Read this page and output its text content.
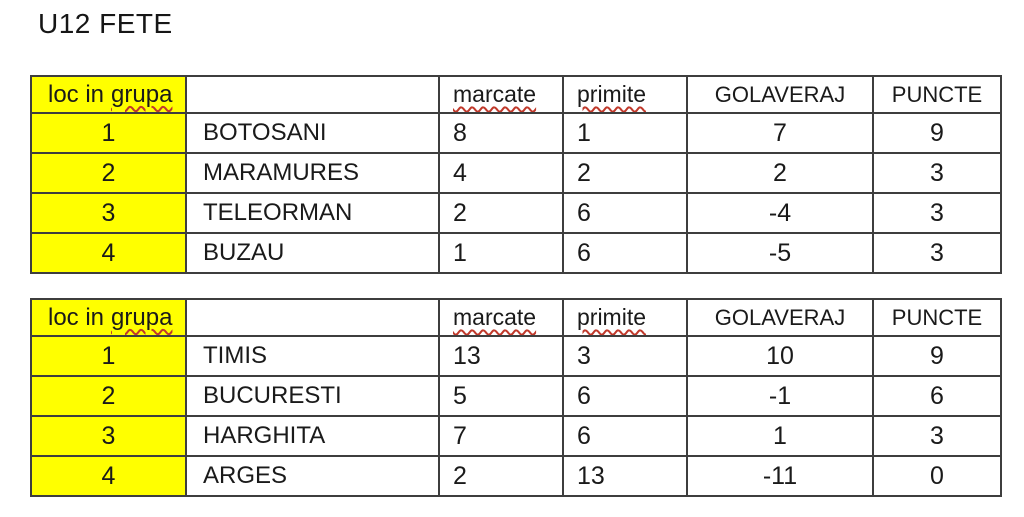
U12 FETE
loc in grupa		marcate	primite	GOLAVERAJ	PUNCTE
1	BOTOSANI	8	1	7	9
2	MARAMURES	4	2	2	3
3	TELEORMAN	2	6	-4	3
4	BUZAU	1	6	-5	3
loc in grupa		marcate	primite	GOLAVERAJ	PUNCTE
1	TIMIS	13	3	10	9
2	BUCURESTI	5	6	-1	6
3	HARGHITA	7	6	1	3
4	ARGES	2	13	-11	0
